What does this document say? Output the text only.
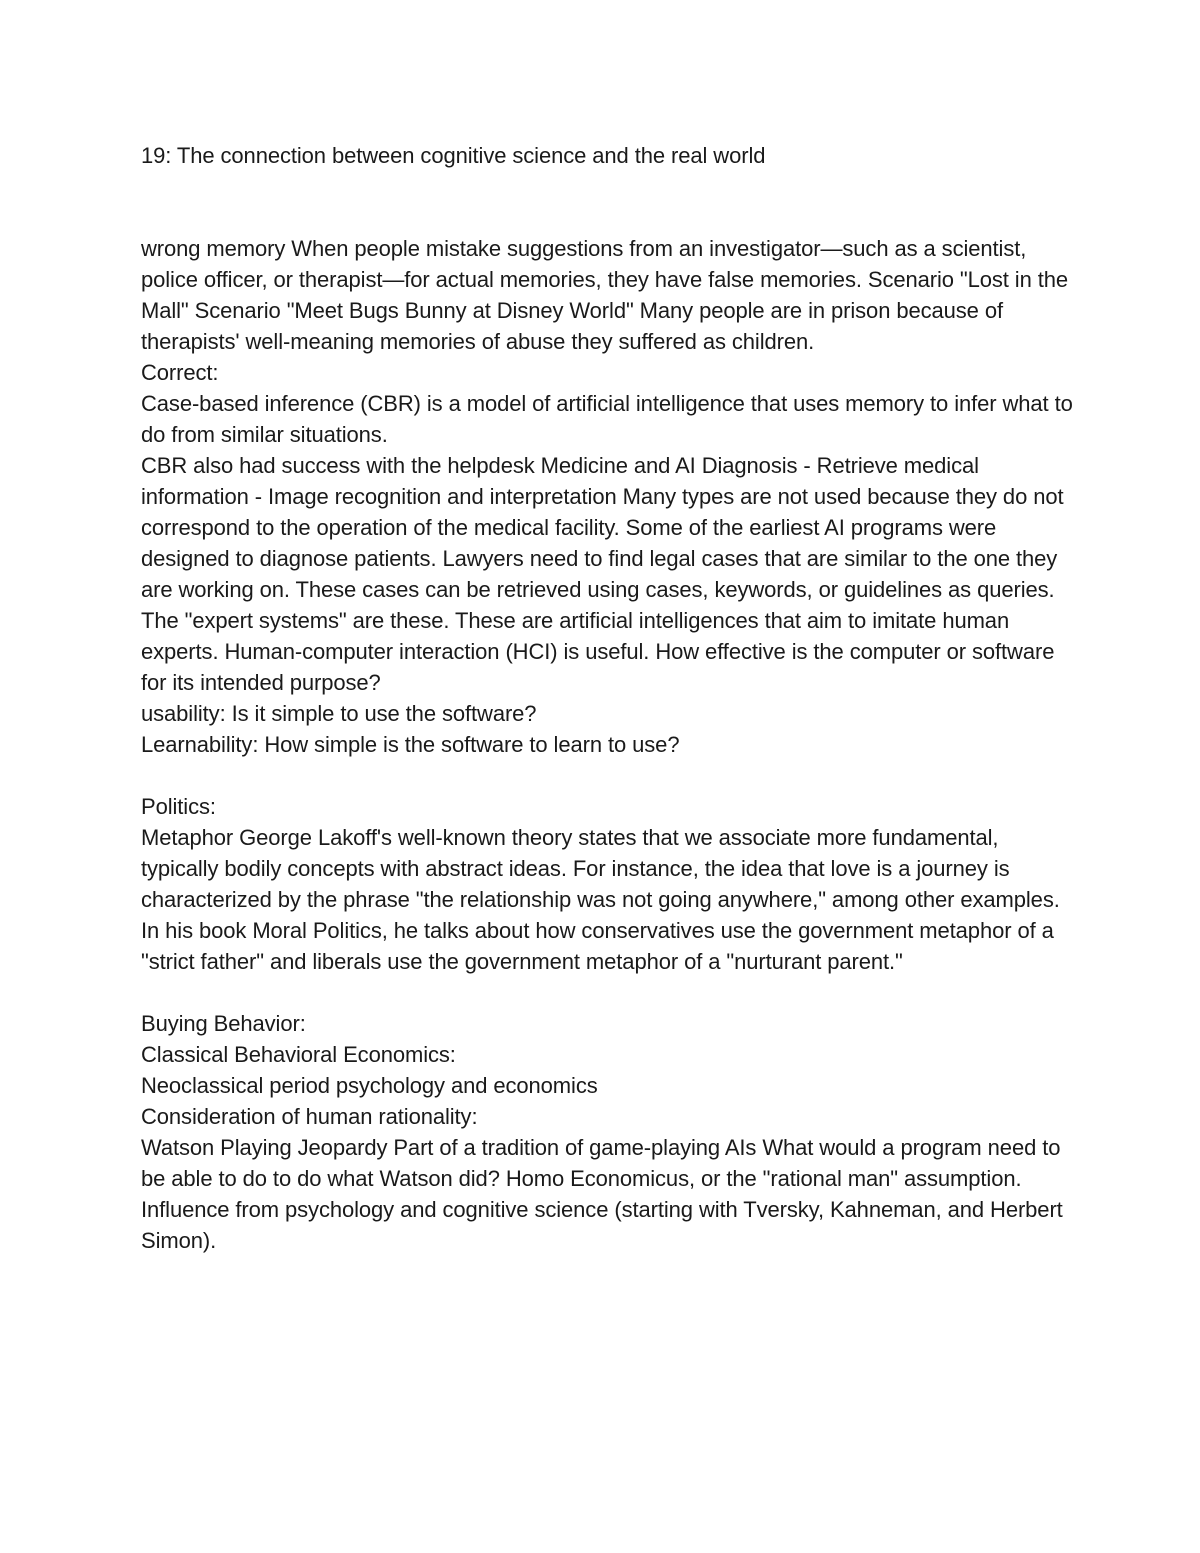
19: The connection between cognitive science and the real world

wrong memory When people mistake suggestions from an investigator—such as a scientist, police officer, or therapist—for actual memories, they have false memories. Scenario "Lost in the Mall" Scenario "Meet Bugs Bunny at Disney World" Many people are in prison because of therapists' well-meaning memories of abuse they suffered as children.

Correct:

Case-based inference (CBR) is a model of artificial intelligence that uses memory to infer what to do from similar situations.

CBR also had success with the helpdesk Medicine and AI Diagnosis - Retrieve medical information - Image recognition and interpretation Many types are not used because they do not correspond to the operation of the medical facility. Some of the earliest AI programs were designed to diagnose patients. Lawyers need to find legal cases that are similar to the one they are working on. These cases can be retrieved using cases, keywords, or guidelines as queries. The "expert systems" are these. These are artificial intelligences that aim to imitate human experts. Human-computer interaction (HCI) is useful. How effective is the computer or software for its intended purpose?

usability: Is it simple to use the software?

Learnability: How simple is the software to learn to use?

Politics:

Metaphor George Lakoff's well-known theory states that we associate more fundamental, typically bodily concepts with abstract ideas. For instance, the idea that love is a journey is characterized by the phrase "the relationship was not going anywhere," among other examples.

In his book Moral Politics, he talks about how conservatives use the government metaphor of a "strict father" and liberals use the government metaphor of a "nurturant parent."

Buying Behavior:

Classical Behavioral Economics:

Neoclassical period psychology and economics

Consideration of human rationality:

Watson Playing Jeopardy Part of a tradition of game-playing AIs What would a program need to be able to do to do what Watson did? Homo Economicus, or the "rational man" assumption. Influence from psychology and cognitive science (starting with Tversky, Kahneman, and Herbert Simon).
